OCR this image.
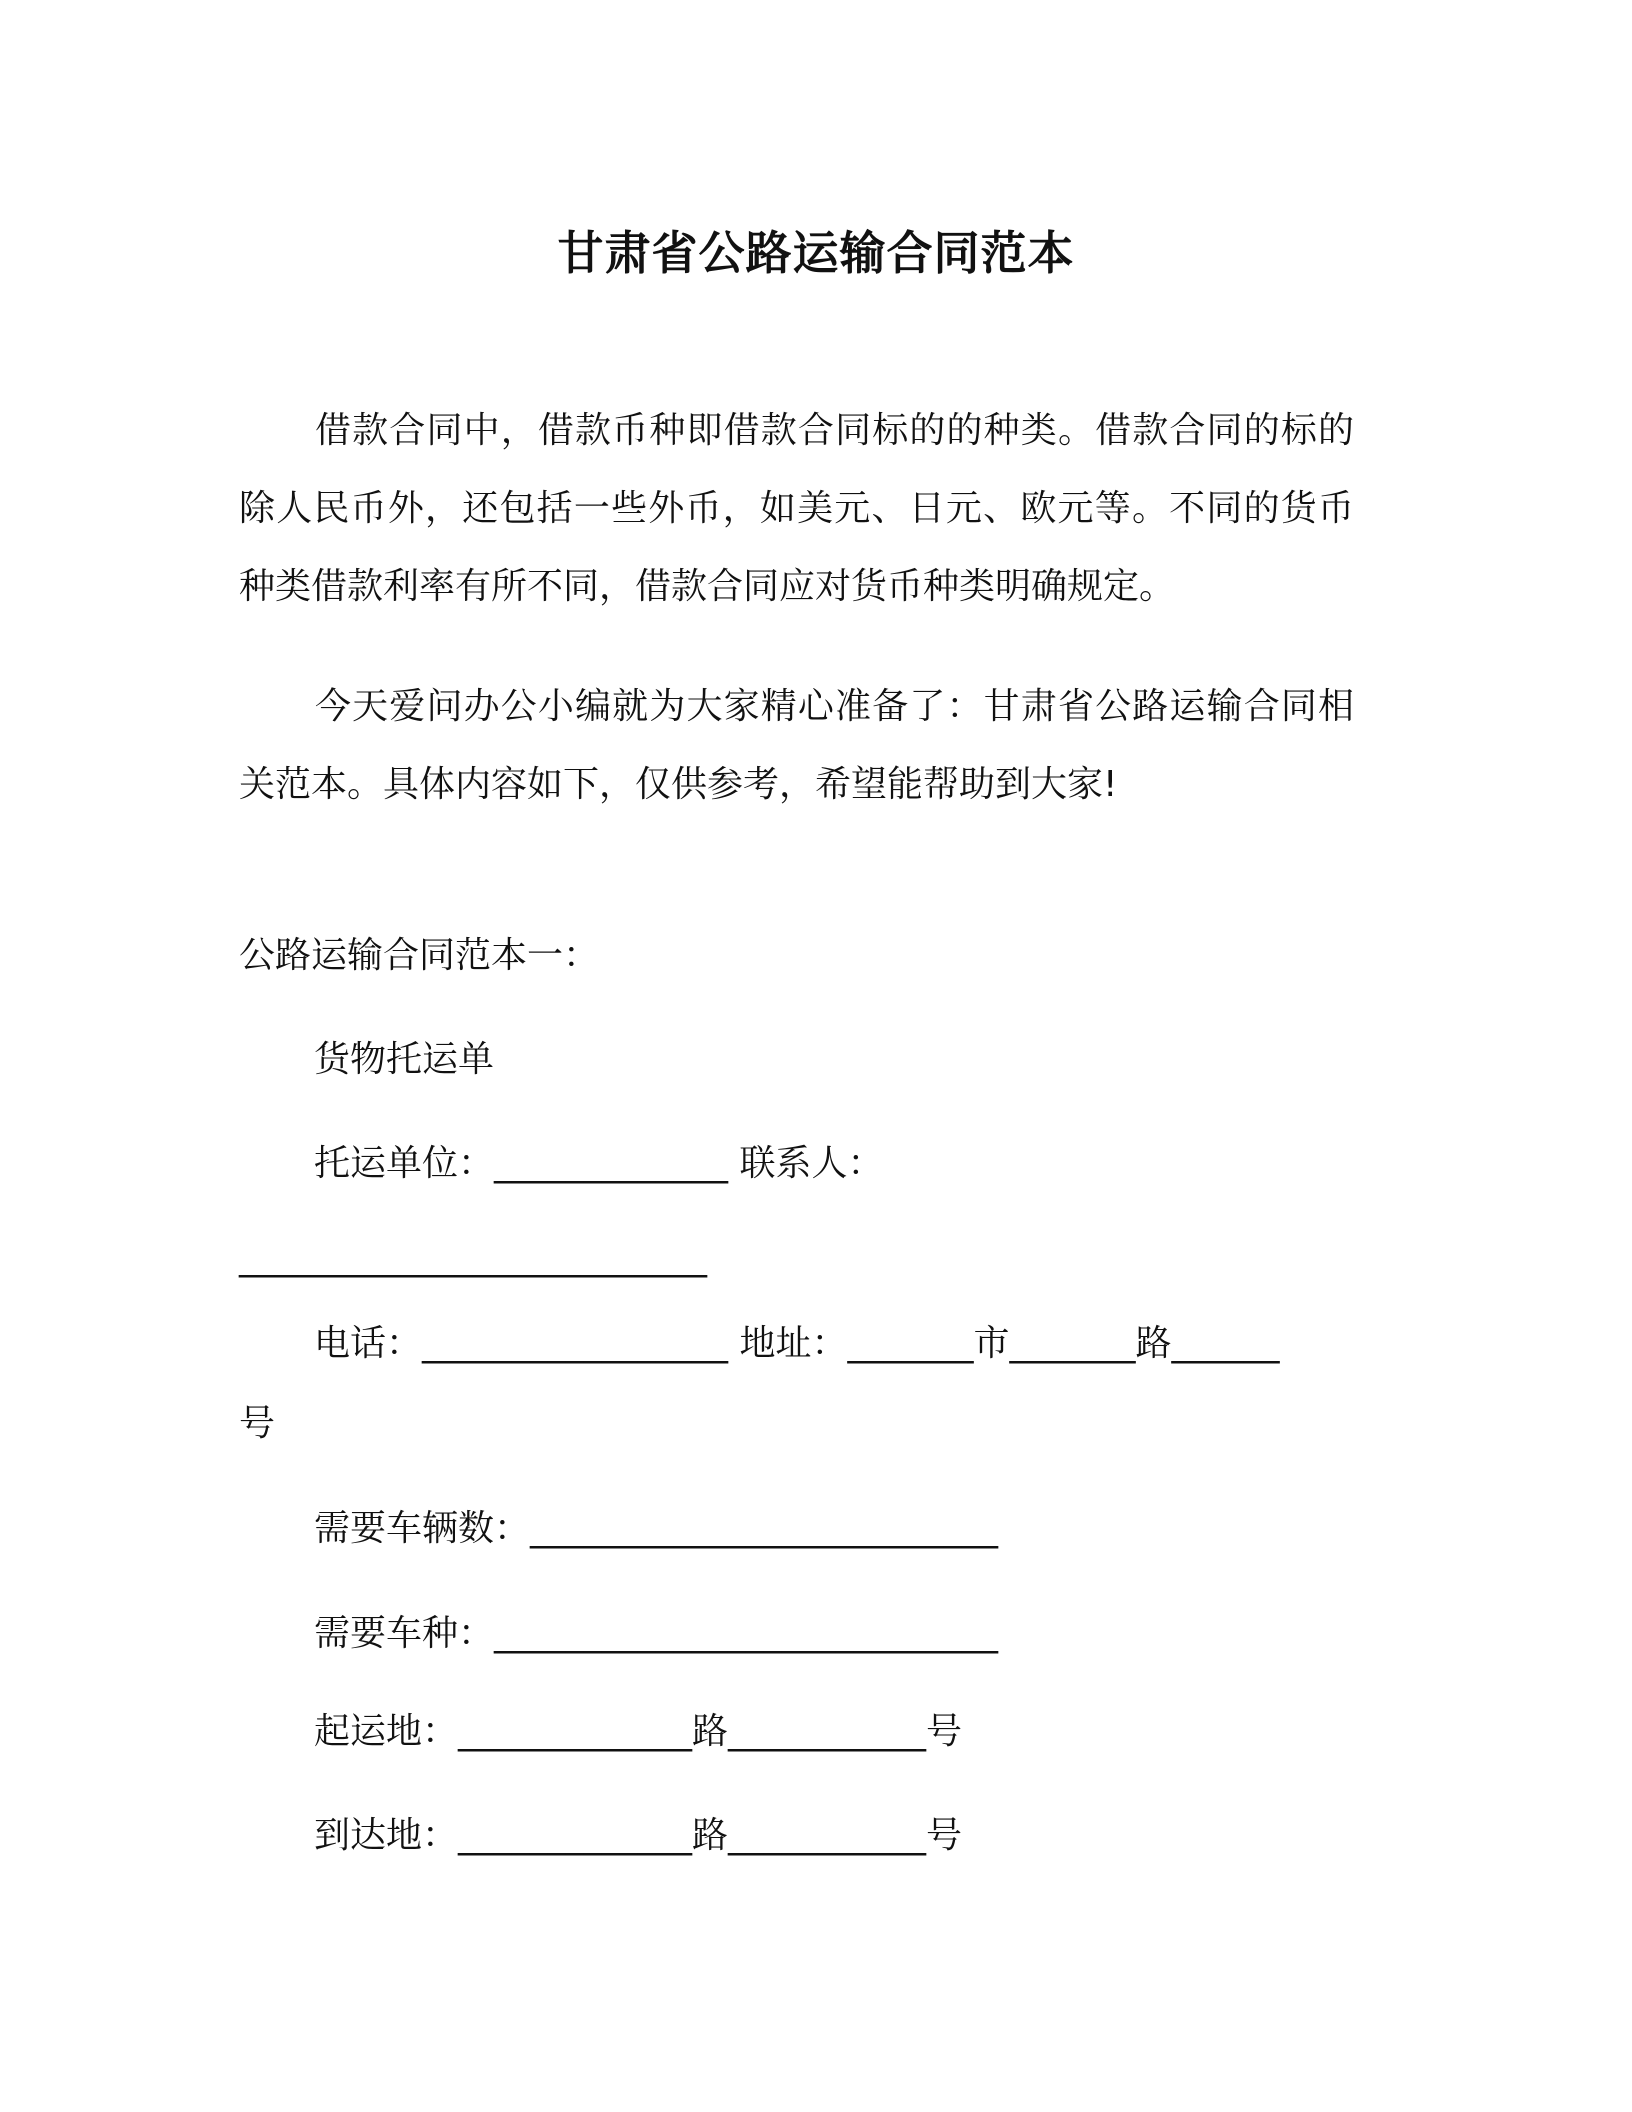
甘肃省公路运输合同范本

借款合同中，借款币种即借款合同标的的种类。借款合同的标的除人民币外，还包括一些外币，如美元、日元、欧元等。不同的货币种类借款利率有所不同，借款合同应对货币种类明确规定。

今天爱问办公小编就为大家精心准备了：甘肃省公路运输合同相关范本。具体内容如下，仅供参考，希望能帮助到大家!

公路运输合同范本一：
货物托运单
托运单位：_____________ 联系人：
__________________________
电话：_________________ 地址：_______市_______路______
号
需要车辆数：__________________________
需要车种：____________________________
起运地：_____________路___________号
到达地：_____________路___________号
